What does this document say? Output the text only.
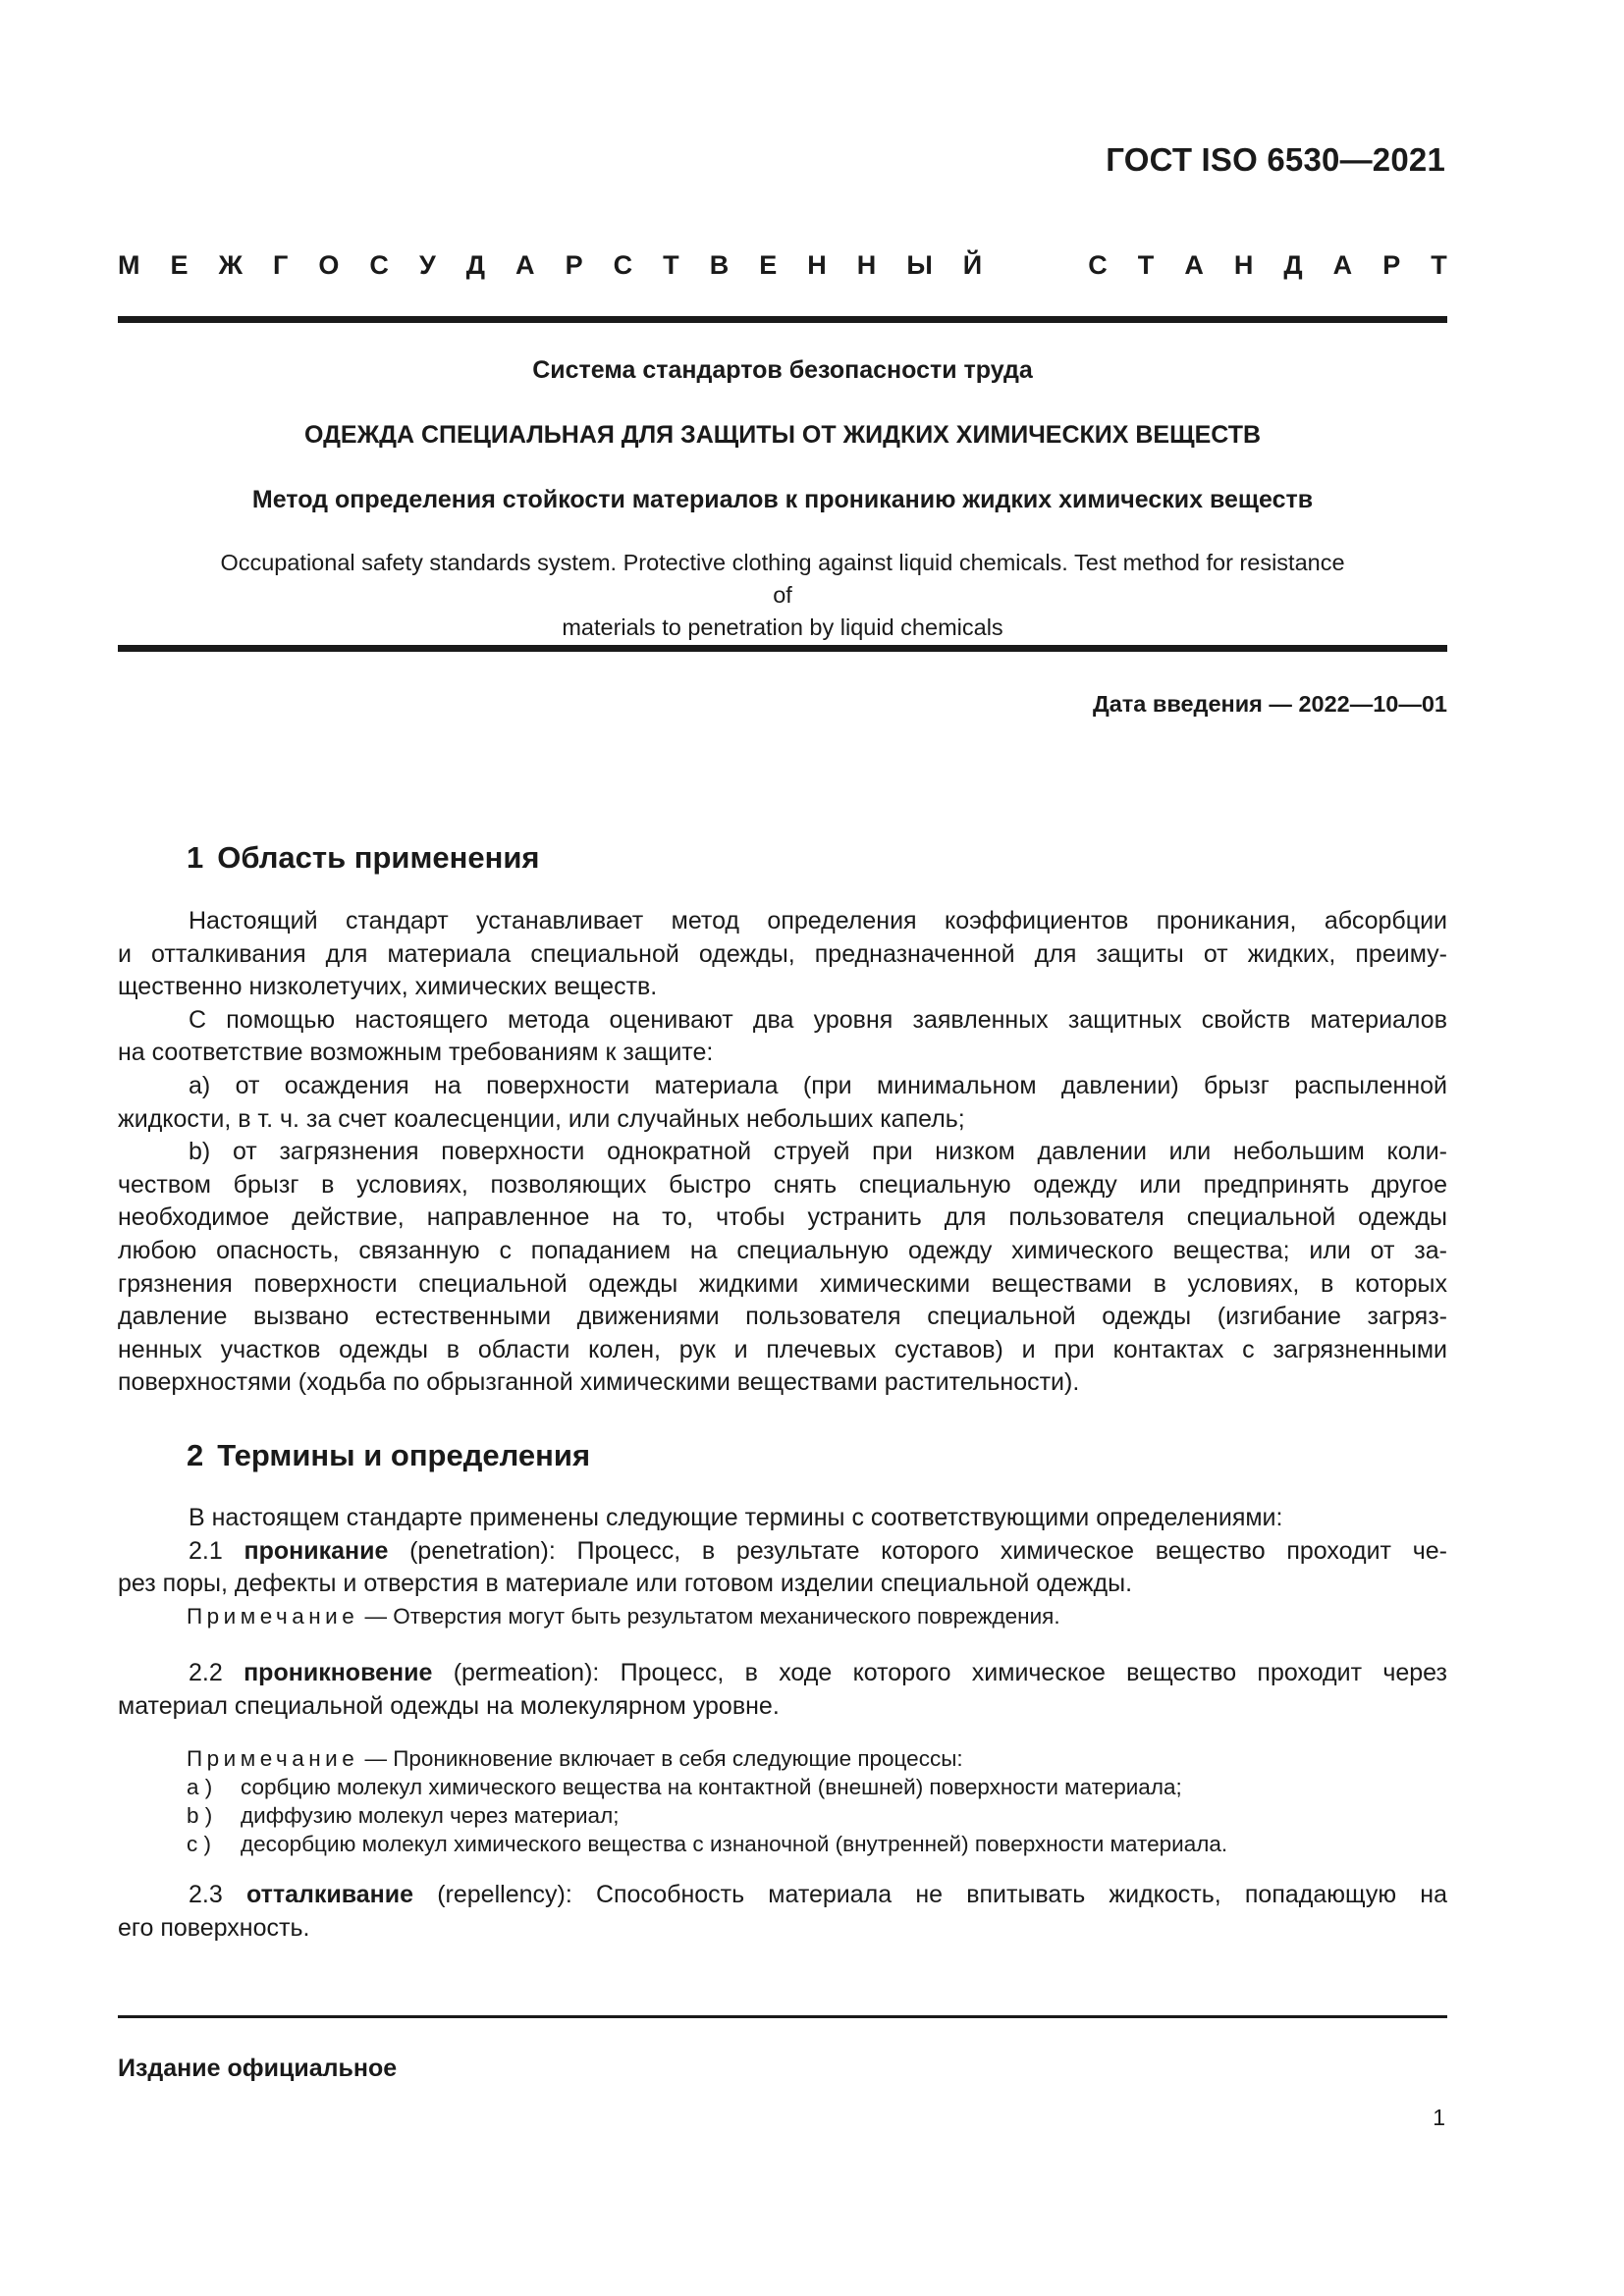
ГОСТ ISO 6530—2021
М Е Ж Г О С У Д А Р С Т В Е Н Н Ы Й	С Т А Н Д А Р Т
Система стандартов безопасности труда
ОДЕЖДА СПЕЦИАЛЬНАЯ ДЛЯ ЗАЩИТЫ ОТ ЖИДКИХ ХИМИЧЕСКИХ ВЕЩЕСТВ
Метод определения стойкости материалов к прониканию жидких химических веществ
Occupational safety standards system. Protective clothing against liquid chemicals. Test method for resistance of
materials to penetration by liquid chemicals
Дата введения — 2022—10—01
1 Область применения
Настоящий стандарт устанавливает метод определения коэффициентов проникания, абсорбции
и отталкивания для материала специальной одежды, предназначенной для защиты от жидких, преиму-
щественно низколетучих, химических веществ.
С помощью настоящего метода оценивают два уровня заявленных защитных свойств материалов
на соответствие возможным требованиям к защите:
a) от осаждения на поверхности материала (при минимальном давлении) брызг распыленной
жидкости, в т. ч. за счет коалесценции, или случайных небольших капель;
b) от загрязнения поверхности однократной струей при низком давлении или небольшим коли-
чеством брызг в условиях, позволяющих быстро снять специальную одежду или предпринять другое
необходимое действие, направленное на то, чтобы устранить для пользователя специальной одежды
любою опасность, связанную с попаданием на специальную одежду химического вещества; или от за-
грязнения поверхности специальной одежды жидкими химическими веществами в условиях, в которых
давление вызвано естественными движениями пользователя специальной одежды (изгибание загряз-
ненных участков одежды в области колен, рук и плечевых суставов) и при контактах с загрязненными
поверхностями (ходьба по обрызганной химическими веществами растительности).
2 Термины и определения
В настоящем стандарте применены следующие термины с соответствующими определениями:
2.1 проникание (penetration): Процесс, в результате которого химическое вещество проходит че-
рез поры, дефекты и отверстия в материале или готовом изделии специальной одежды.
Примечание — Отверстия могут быть результатом механического повреждения.
2.2 проникновение (permeation): Процесс, в ходе которого химическое вещество проходит через
материал специальной одежды на молекулярном уровне.
Примечание — Проникновение включает в себя следующие процессы:
а )	сорбцию молекул химического вещества на контактной (внешней) поверхности материала;
b )	диффузию молекул через материал;
с )	десорбцию молекул химического вещества с изнаночной (внутренней) поверхности материала.
2.3 отталкивание (repellency): Способность материала не впитывать жидкость, попадающую на
его поверхность.
Издание официальное
1
